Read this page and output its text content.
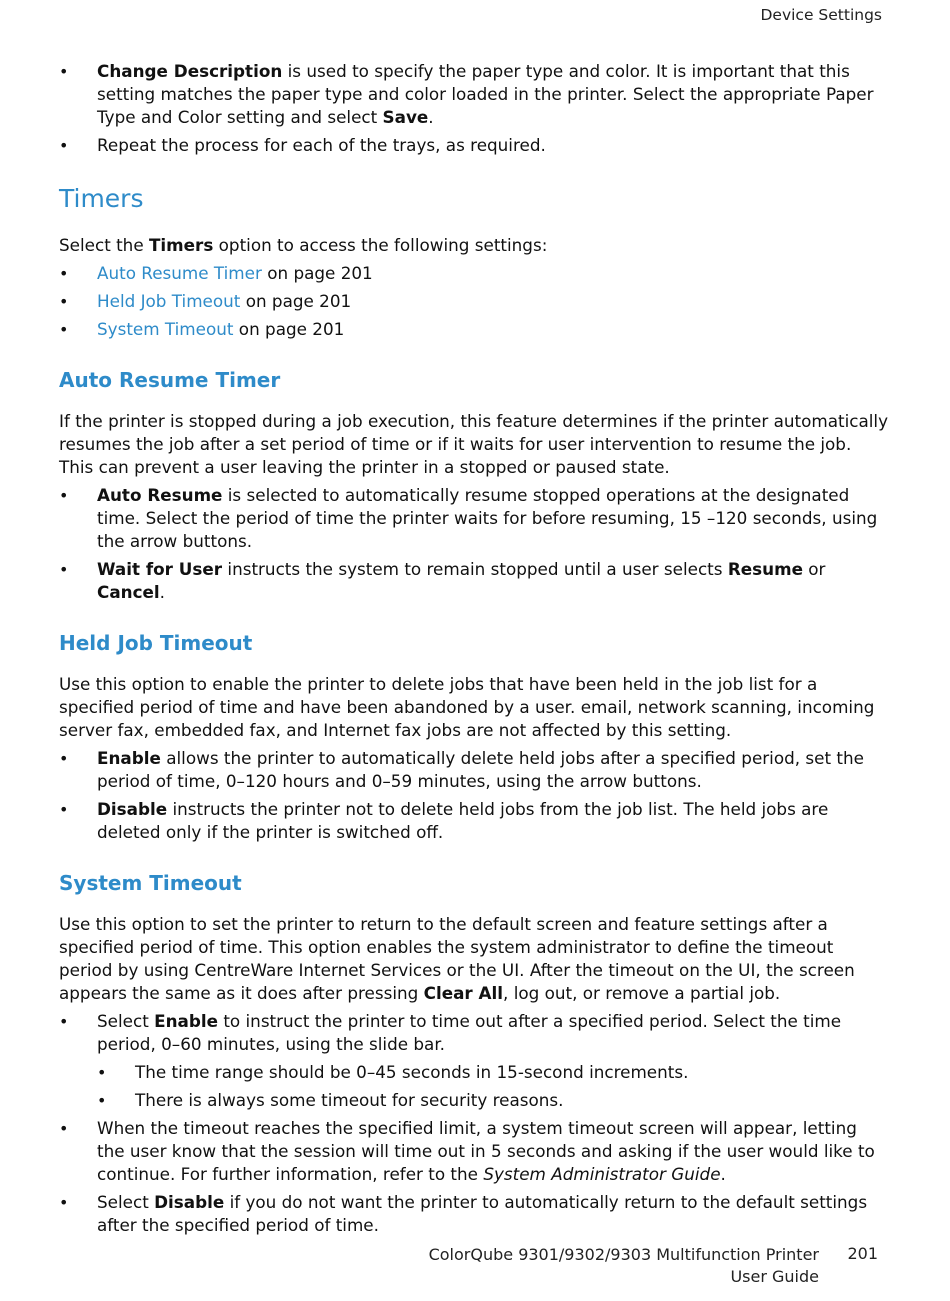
Device Settings
• Change Description is used to specify the paper type and color. It is important that this setting matches the paper type and color loaded in the printer. Select the appropriate Paper Type and Color setting and select Save.
• Repeat the process for each of the trays, as required.
Timers

Select the Timers option to access the following settings:

• Auto Resume Timer on page 201
• Held Job Timeout on page 201
• System Timeout on page 201
Auto Resume Timer

If the printer is stopped during a job execution, this feature determines if the printer automatically resumes the job after a set period of time or if it waits for user intervention to resume the job. This can prevent a user leaving the printer in a stopped or paused state.

• Auto Resume is selected to automatically resume stopped operations at the designated time. Select the period of time the printer waits for before resuming, 15 –120 seconds, using the arrow buttons.
• Wait for User instructs the system to remain stopped until a user selects Resume or Cancel.
Held Job Timeout

Use this option to enable the printer to delete jobs that have been held in the job list for a specified period of time and have been abandoned by a user. email, network scanning, incoming server fax, embedded fax, and Internet fax jobs are not affected by this setting.

• Enable allows the printer to automatically delete held jobs after a specified period, set the period of time, 0–120 hours and 0–59 minutes, using the arrow buttons.
• Disable instructs the printer not to delete held jobs from the job list. The held jobs are deleted only if the printer is switched off.
System Timeout

Use this option to set the printer to return to the default screen and feature settings after a specified period of time. This option enables the system administrator to define the timeout period by using CentreWare Internet Services or the UI. After the timeout on the UI, the screen appears the same as it does after pressing Clear All, log out, or remove a partial job.

• Select Enable to instruct the printer to time out after a specified period. Select the time period, 0–60 minutes, using the slide bar.
• The time range should be 0–45 seconds in 15-second increments.
• There is always some timeout for security reasons.
• When the timeout reaches the specified limit, a system timeout screen will appear, letting the user know that the session will time out in 5 seconds and asking if the user would like to continue. For further information, refer to the System Administrator Guide.
• Select Disable if you do not want the printer to automatically return to the default settings after the specified period of time.
ColorQube 9301/9302/9303 Multifunction Printer
User Guide
201
